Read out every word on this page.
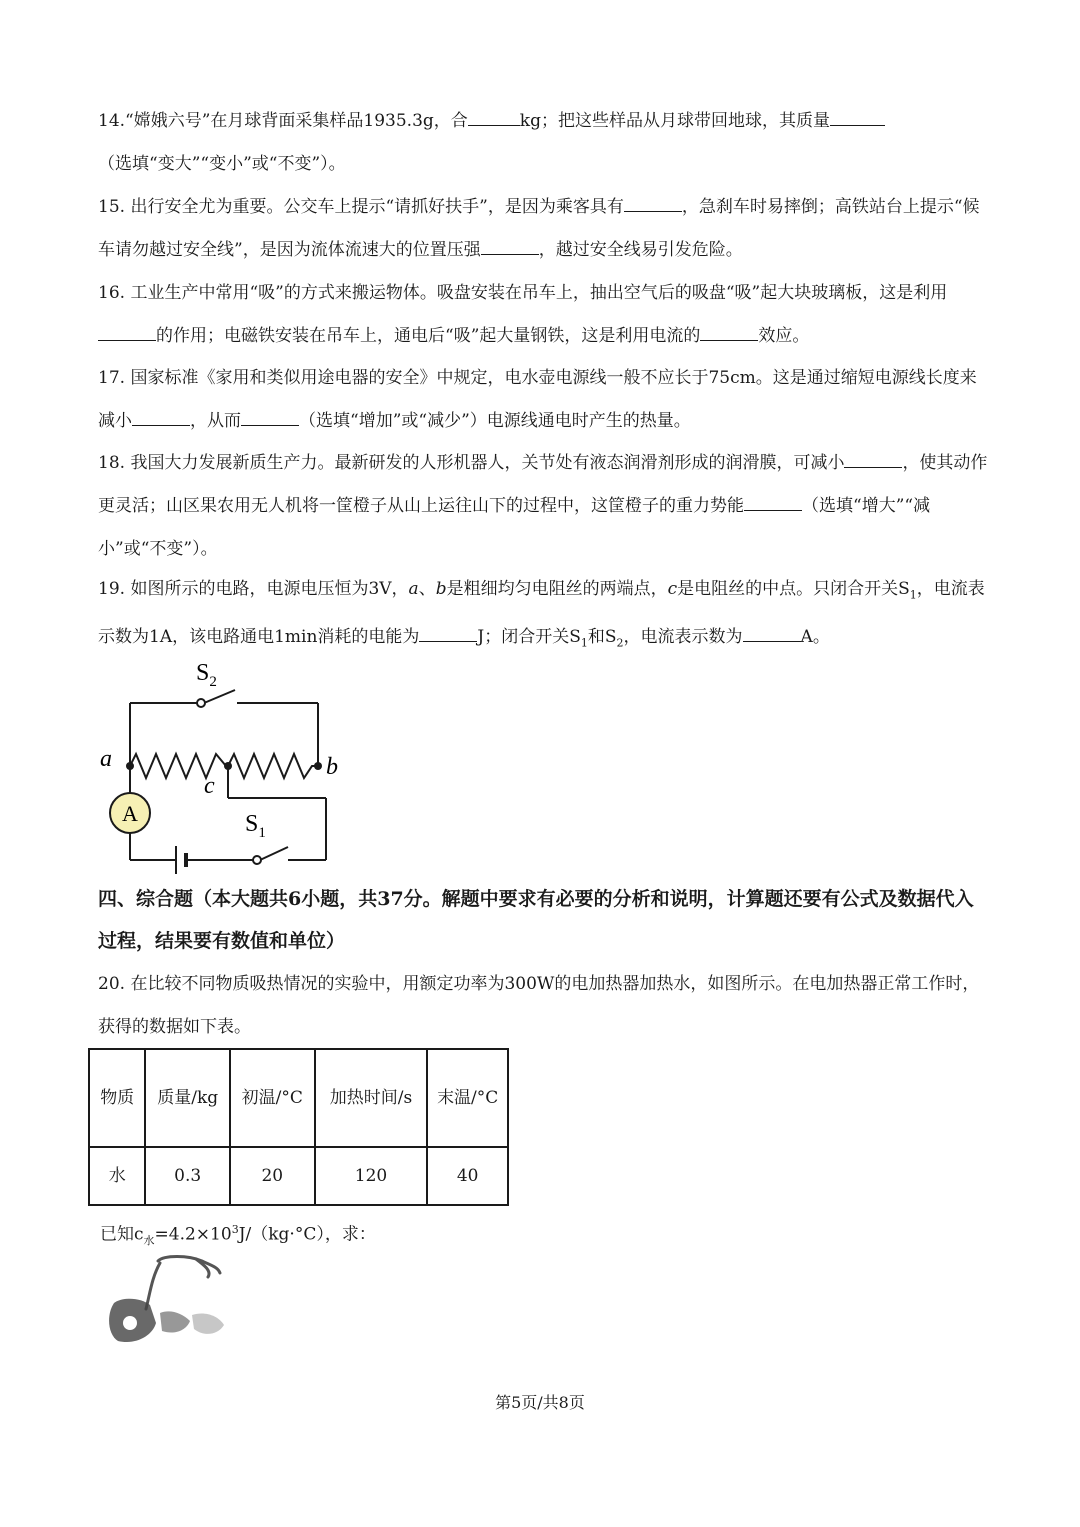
14.“嫦娥六号”在月球背面采集样品1935.3g，合	kg；把这些样品从月球带回地球，其质量
（选填“变大”“变小”或“不变”）。
15. 出行安全尤为重要。公交车上提示“请抓好扶手”，是因为乘客具有	，急刹车时易摔倒；高铁站台上提示“候车请勿越过安全线”，是因为流体流速大的位置压强	，越过安全线易引发危险。
16. 工业生产中常用“吸”的方式来搬运物体。吸盘安装在吊车上，抽出空气后的吸盘“吸”起大块玻璃板，这是利用的作用；电磁铁安装在吊车上，通电后“吸”起大量钢铁，这是利用电流的	效应。
17. 国家标准《家用和类似用途电器的安全》中规定，电水壶电源线一般不应长于75cm。这是通过缩短电源线长度来减小	，从而	（选填“增加”或“减少”）电源线通电时产生的热量。
18. 我国大力发展新质生产力。最新研发的人形机器人，关节处有液态润滑剂形成的润滑膜，可减小	，使其动作更灵活；山区果农用无人机将一筐橙子从山上运往山下的过程中，这筐橙子的重力势能	（选填“增大”“减小”或“不变”）。
19. 如图所示的电路，电源电压恒为3V，a、b是粗细均匀电阻丝的两端点，c是电阻丝的中点。只闭合开关$S_1$，电流表示数为1A，该电路通电1min消耗的电能为	J；闭合开关$S_1$和$S_2$，电流表示数为	A。
A
$S_2$
$S_1$
a	b
c
四、综合题（本大题共6小题，共37分。解题中要求有必要的分析和说明，计算题还要有公式及数据代入过程，结果要有数值和单位）
20. 在比较不同物质吸热情况的实验中，用额定功率为300W的电加热器加热水，如图所示。在电加热器正常工作时，获得的数据如下表。
物质	质量/kg	初温/°C	加热时间/s	末温/°C
水	0.3	20	120	40
已知$c_水=4.2\times 10^3J/(kg\cdot^\circ C)$，求：
第5页/共8页
